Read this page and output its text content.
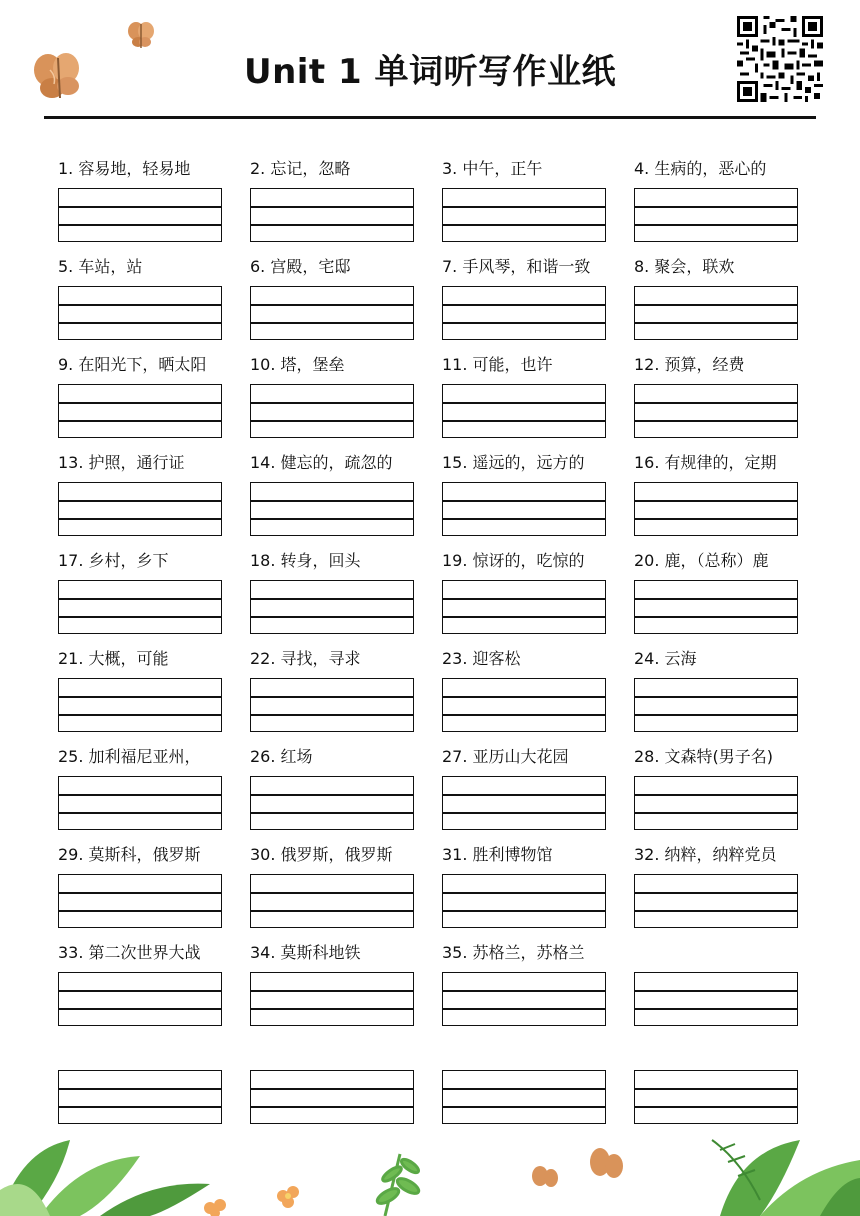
Unit 1 单词听写作业纸
1. 容易地，轻易地	2. 忘记，忽略	3. 中午，正午	4. 生病的，恶心的
5. 车站，站	6. 宫殿，宅邸	7. 手风琴，和谐一致	8. 聚会，联欢
9. 在阳光下，晒太阳	10. 塔，堡垒	11. 可能，也许	12. 预算，经费
13. 护照，通行证	14. 健忘的，疏忽的	15. 遥远的，远方的	16. 有规律的，定期
17. 乡村，乡下	18. 转身，回头	19. 惊讶的，吃惊的	20. 鹿，（总称）鹿
21. 大概，可能	22. 寻找，寻求	23. 迎客松	24. 云海
25. 加利福尼亚州，	26. 红场	27. 亚历山大花园	28. 文森特(男子名)
29. 莫斯科，俄罗斯	30. 俄罗斯，俄罗斯	31. 胜利博物馆	32. 纳粹，纳粹党员
33. 第二次世界大战	34. 莫斯科地铁	35. 苏格兰，苏格兰
